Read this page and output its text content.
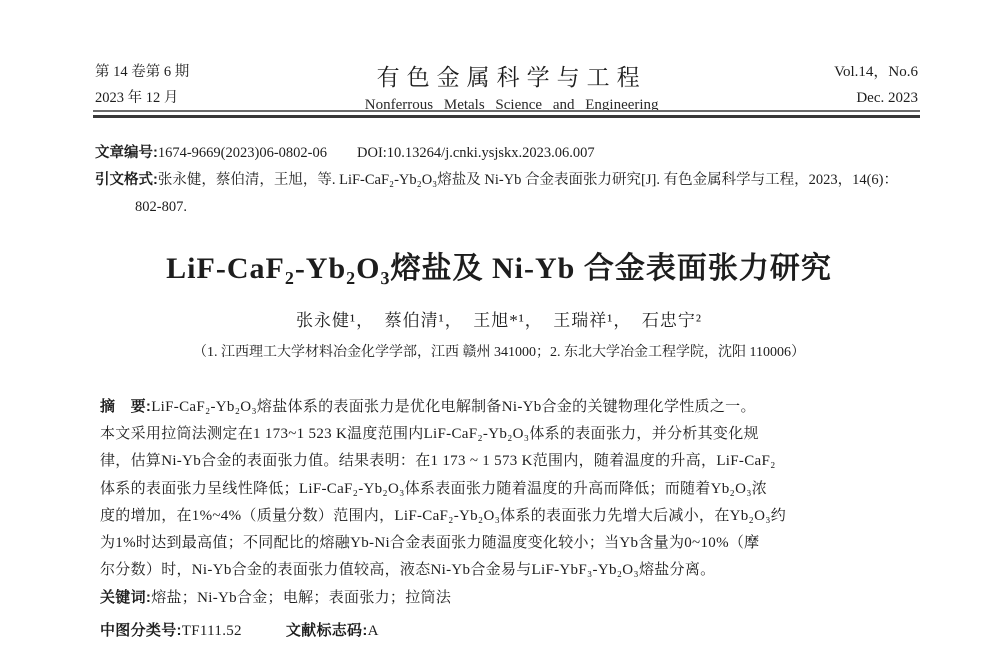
第 14 卷第 6 期
2023 年 12 月
有色金属科学与工程
Nonferrous Metals Science and Engineering
Vol.14，No.6
Dec. 2023
文章编号:1674-9669(2023)06-0802-06 DOI:10.13264/j.cnki.ysjskx.2023.06.007
引文格式:张永健，蔡伯清，王旭，等. LiF-CaF₂-Yb₂O₃熔盐及 Ni-Yb 合金表面张力研究[J]. 有色金属科学与工程，2023，14(6)：
802-807.
LiF-CaF₂-Yb₂O₃熔盐及 Ni-Yb 合金表面张力研究
张永健¹，  蔡伯清¹，  王旭*¹，  王瑞祥¹，  石忠宁²
（1. 江西理工大学材料冶金化学学部，江西 赣州 341000；2. 东北大学冶金工程学院，沈阳 110006）
摘　要:LiF-CaF₂-Yb₂O₃熔盐体系的表面张力是优化电解制备Ni-Yb合金的关键物理化学性质之一。
本文采用拉筒法测定在1 173~1 523 K温度范围内LiF-CaF₂-Yb₂O₃体系的表面张力，并分析其变化规
律，估算Ni-Yb合金的表面张力值。结果表明：在1 173 ~ 1 573 K范围内，随着温度的升高，LiF-CaF₂
体系的表面张力呈线性降低；LiF-CaF₂-Yb₂O₃体系表面张力随着温度的升高而降低；而随着Yb₂O₃浓
度的增加，在1%~4%（质量分数）范围内，LiF-CaF₂-Yb₂O₃体系的表面张力先增大后减小，在Yb₂O₃约
为1%时达到最高值；不同配比的熔融Yb-Ni合金表面张力随温度变化较小；当Yb含量为0~10%（摩
尔分数）时，Ni-Yb合金的表面张力值较高，液态Ni-Yb合金易与LiF-YbF₃-Yb₂O₃熔盐分离。
关键词:熔盐；Ni-Yb合金；电解；表面张力；拉筒法
中图分类号:TF111.52	文献标志码:A
